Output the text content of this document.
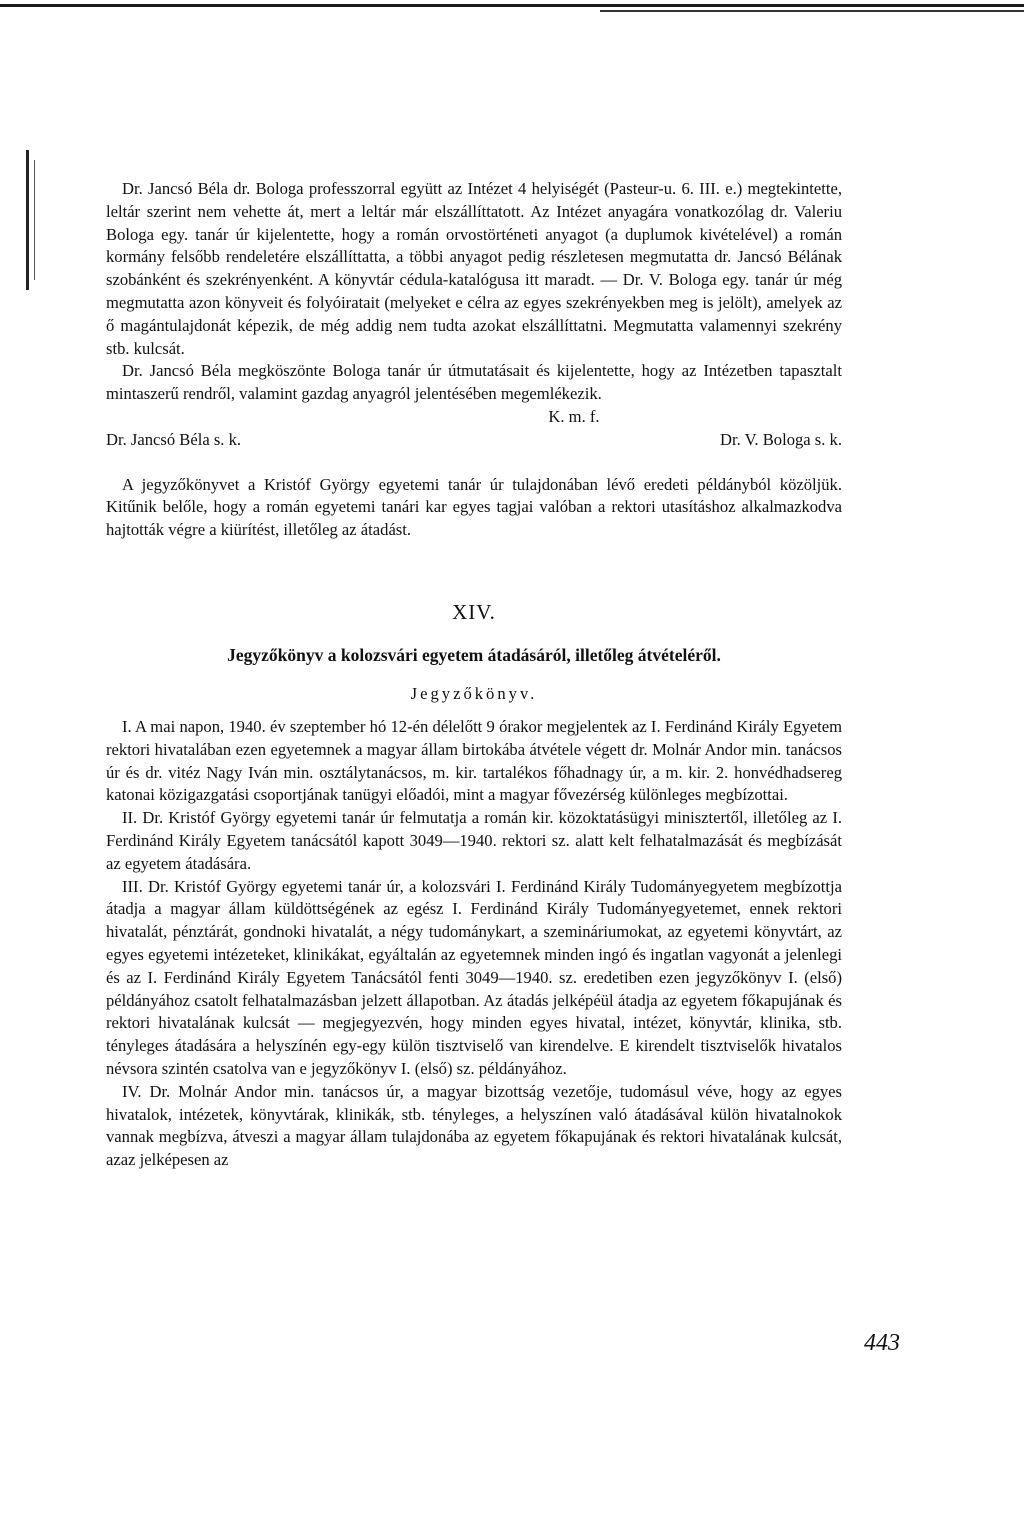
Dr. Jancsó Béla dr. Bologa professzorral együtt az Intézet 4 helyiségét (Pasteur-u. 6. III. e.) megtekintette, leltár szerint nem vehette át, mert a leltár már elszállíttatott. Az Intézet anyagára vonatkozólag dr. Valeriu Bologa egy. tanár úr kijelentette, hogy a román orvostörténeti anyagot (a duplumok kivételével) a román kormány felsőbb rendeletére elszállíttatta, a többi anyagot pedig részletesen megmutatta dr. Jancsó Bélának szobánként és szekrényenként. A könyvtár cédula-katalógusa itt maradt. — Dr. V. Bologa egy. tanár úr még megmutatta azon könyveit és folyóiratait (melyeket e célra az egyes szekrényekben meg is jelölt), amelyek az ő magántulajdonát képezik, de még addig nem tudta azokat elszállíttatni. Megmutatta valamennyi szekrény stb. kulcsát.

Dr. Jancsó Béla megköszönte Bologa tanár úr útmutatásait és kijelentette, hogy az Intézetben tapasztalt mintaszerű rendről, valamint gazdag anyagról jelentésében megemlékezik.

K. m. f.

Dr. Jancsó Béla s. k.	Dr. V. Bologa s. k.

A jegyzőkönyvet a Kristóf György egyetemi tanár úr tulajdonában lévő eredeti példányból közöljük. Kitűnik belőle, hogy a román egyetemi tanári kar egyes tagjai valóban a rektori utasításhoz alkalmazkodva hajtották végre a kiürítést, illetőleg az átadást.

XIV.
Jegyzőkönyv a kolozsvári egyetem átadásáról, illetőleg átvételéről.
Jegyzőkönyv.

I. A mai napon, 1940. év szeptember hó 12-én délelőtt 9 órakor megjelentek az I. Ferdinánd Király Egyetem rektori hivatalában ezen egyetemnek a magyar állam birtokába átvétele végett dr. Molnár Andor min. tanácsos úr és dr. vitéz Nagy Iván min. osztálytanácsos, m. kir. tartalékos főhadnagy úr, a m. kir. 2. honvédhadsereg katonai közigazgatási csoportjának tanügyi előadói, mint a magyar fővezérség különleges megbízottai.

II. Dr. Kristóf György egyetemi tanár úr felmutatja a román kir. közoktatásügyi minisztertől, illetőleg az I. Ferdinánd Király Egyetem tanácsától kapott 3049—1940. rektori sz. alatt kelt felhatalmazását és megbízását az egyetem átadására.

III. Dr. Kristóf György egyetemi tanár úr, a kolozsvári I. Ferdinánd Király Tudományegyetem megbízottja átadja a magyar állam küldöttségének az egész I. Ferdinánd Király Tudományegyetemet, ennek rektori hivatalát, pénztárát, gondnoki hivatalát, a négy tudománykart, a szemináriumokat, az egyetemi könyvtárt, az egyes egyetemi intézeteket, klinikákat, egyáltalán az egyetemnek minden ingó és ingatlan vagyonát a jelenlegi és az I. Ferdinánd Király Egyetem Tanácsától fenti 3049—1940. sz. eredetiben ezen jegyzőkönyv I. (első) példányához csatolt felhatalmazásban jelzett állapotban. Az átadás jelképéül átadja az egyetem főkapujának és rektori hivatalának kulcsát — megjegyezvén, hogy minden egyes hivatal, intézet, könyvtár, klinika, stb. tényleges átadására a helyszínén egy-egy külön tisztviselő van kirendelve. E kirendelt tisztviselők hivatalos névsora szintén csatolva van e jegyzőkönyv I. (első) sz. példányához.

IV. Dr. Molnár Andor min. tanácsos úr, a magyar bizottság vezetője, tudomásul véve, hogy az egyes hivatalok, intézetek, könyvtárak, klinikák, stb. tényleges, a helyszínen való átadásával külön hivatalnokok vannak megbízva, átveszi a magyar állam tulajdonába az egyetem főkapujának és rektori hivatalának kulcsát, azaz jelképesen az

443
